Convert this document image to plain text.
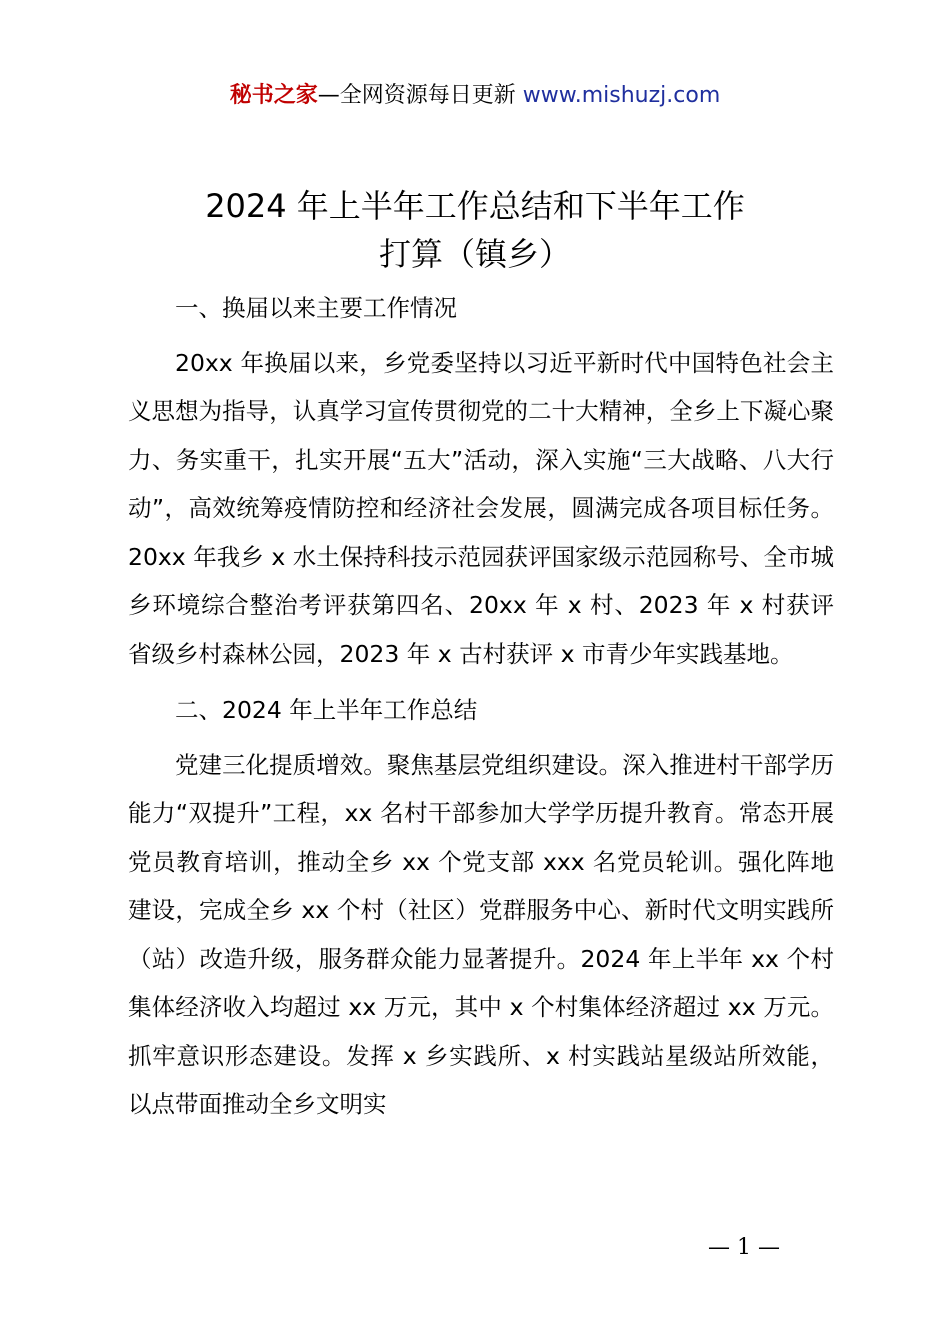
秘书之家—全网资源每日更新 www.mishuzj.com
2024 年上半年工作总结和下半年工作
打算（镇乡）

一、换届以来主要工作情况

20xx 年换届以来，乡党委坚持以习近平新时代中国特色社会主义思想为指导，认真学习宣传贯彻党的二十大精神，全乡上下凝心聚力、务实重干，扎实开展“五大”活动，深入实施“三大战略、八大行动”，高效统筹疫情防控和经济社会发展，圆满完成各项目标任务。20xx 年我乡 x 水土保持科技示范园获评国家级示范园称号、全市城乡环境综合整治考评获第四名、20xx 年 x 村、2023 年 x 村获评省级乡村森林公园，2023 年 x 古村获评 x 市青少年实践基地。

二、2024 年上半年工作总结

党建三化提质增效。聚焦基层党组织建设。深入推进村干部学历能力“双提升”工程，xx 名村干部参加大学学历提升教育。常态开展党员教育培训，推动全乡 xx 个党支部 xxx 名党员轮训。强化阵地建设，完成全乡 xx 个村（社区）党群服务中心、新时代文明实践所（站）改造升级，服务群众能力显著提升。2024 年上半年 xx 个村集体经济收入均超过 xx 万元，其中 x 个村集体经济超过 xx 万元。抓牢意识形态建设。发挥 x 乡实践所、x 村实践站星级站所效能，以点带面推动全乡文明实

— 1 —
